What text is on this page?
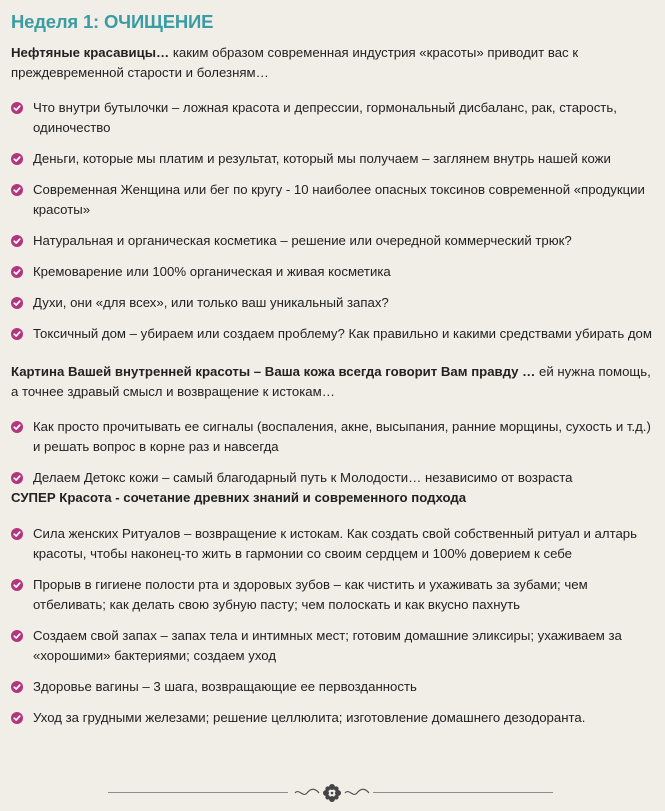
Неделя 1: ОЧИЩЕНИЕ

Нефтяные красавицы… каким образом современная индустрия «красоты» приводит вас к преждевременной старости и болезням…

Что внутри бутылочки – ложная красота и депрессии, гормональный дисбаланс, рак, старость, одиночество
Деньги, которые мы платим и результат, который мы получаем – заглянем внутрь нашей кожи
Современная Женщина или бег по кругу - 10 наиболее опасных токсинов современной «продукции красоты»
Натуральная и органическая косметика – решение или очередной коммерческий трюк?
Кремоварение или 100% органическая и живая косметика
Духи, они «для всех», или только ваш уникальный запах?
Токсичный дом – убираем или создаем проблему? Как правильно и какими средствами убирать дом

Картина Вашей внутренней красоты – Ваша кожа всегда говорит Вам правду … ей нужна помощь, а точнее здравый смысл и возвращение к истокам…

Как просто прочитывать ее сигналы (воспаления, акне, высыпания, ранние морщины, сухость и т.д.) и решать вопрос в корне раз и навсегда
Делаем Детокс кожи – самый благодарный путь к Молодости… независимо от возраста

СУПЕР Красота - сочетание древних знаний и современного подхода

Сила женских Ритуалов – возвращение к истокам. Как создать свой собственный ритуал и алтарь красоты, чтобы наконец-то жить в гармонии со своим сердцем и 100% доверием к себе
Прорыв в гигиене полости рта и здоровых зубов – как чистить и ухаживать за зубами; чем отбеливать; как делать свою зубную пасту; чем полоскать и как вкусно пахнуть
Создаем свой запах – запах тела и интимных мест; готовим домашние эликсиры; ухаживаем за «хорошими» бактериями; создаем уход
Здоровье вагины – 3 шага, возвращающие ее первозданность
Уход за грудными железами; решение целлюлита; изготовление домашнего дезодоранта.
